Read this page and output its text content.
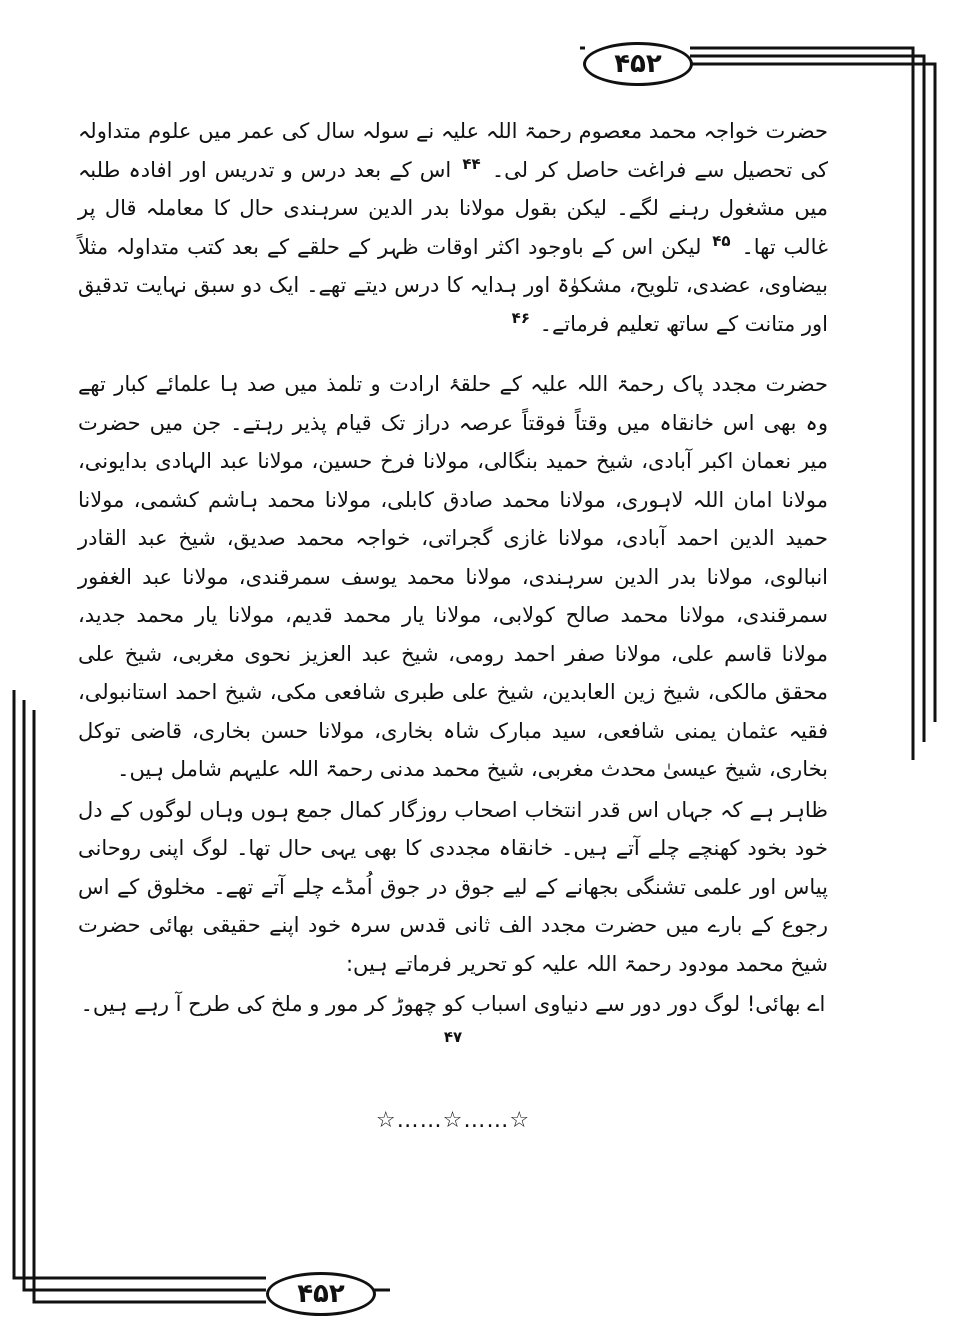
۴۵۲
۴۵۲

حضرت خواجہ محمد معصوم رحمۃ اللہ علیہ نے سولہ سال کی عمر میں علوم متداولہ کی تحصیل سے فراغت حاصل کر لی۔ $^{۴۴}$ اس کے بعد درس و تدریس اور افادہ طلبہ میں مشغول رہنے لگے۔ لیکن بقول مولانا بدر الدین سرہندی حال کا معاملہ قال پر غالب تھا۔ $^{۴۵}$ لیکن اس کے باوجود اکثر اوقات ظہر کے حلقے کے بعد کتب متداولہ مثلاً بیضاوی، عضدی، تلویح، مشکوٰۃ اور ہدایہ کا درس دیتے تھے۔ ایک دو سبق نہایت تدقیق اور متانت کے ساتھ تعلیم فرماتے۔ $^{۴۶}$

حضرت مجدد پاک رحمۃ اللہ علیہ کے حلقۂ ارادت و تلمذ میں صد ہا علمائے کبار تھے وہ بھی اس خانقاہ میں وقتاً فوقتاً عرصہ دراز تک قیام پذیر رہتے۔ جن میں حضرت میر نعمان اکبر آبادی، شیخ حمید بنگالی، مولانا فرخ حسین، مولانا عبد الہادی بدایونی، مولانا امان اللہ لاہوری، مولانا محمد صادق کابلی، مولانا محمد ہاشم کشمی، مولانا حمید الدین احمد آبادی، مولانا غازی گجراتی، خواجہ محمد صدیق، شیخ عبد القادر انبالوی، مولانا بدر الدین سرہندی، مولانا محمد یوسف سمرقندی، مولانا عبد الغفور سمرقندی، مولانا محمد صالح کولابی، مولانا یار محمد قدیم، مولانا یار محمد جدید، مولانا قاسم علی، مولانا صفر احمد رومی، شیخ عبد العزیز نحوی مغربی، شیخ علی محقق مالکی، شیخ زین العابدین، شیخ علی طبری شافعی مکی، شیخ احمد استانبولی، فقیہ عثمان یمنی شافعی، سید مبارک شاہ بخاری، مولانا حسن بخاری، قاضی توکل بخاری، شیخ عیسیٰ محدث مغربی، شیخ محمد مدنی رحمۃ اللہ علیہم شامل ہیں۔

ظاہر ہے کہ جہاں اس قدر انتخاب اصحاب روزگار کمال جمع ہوں وہاں لوگوں کے دل خود بخود کھنچے چلے آتے ہیں۔ خانقاہ مجددی کا بھی یہی حال تھا۔ لوگ اپنی روحانی پیاس اور علمی تشنگی بجھانے کے لیے جوق در جوق اُمڈے چلے آتے تھے۔ مخلوق کے اس رجوع کے بارے میں حضرت مجدد الف ثانی قدس سرہ خود اپنے حقیقی بھائی حضرت شیخ محمد مودود رحمۃ اللہ علیہ کو تحریر فرماتے ہیں:

اے بھائی! لوگ دور دور سے دنیاوی اسباب کو چھوڑ کر مور و ملخ کی طرح آ رہے ہیں۔ $^{۴۷}$

☆……☆……☆
